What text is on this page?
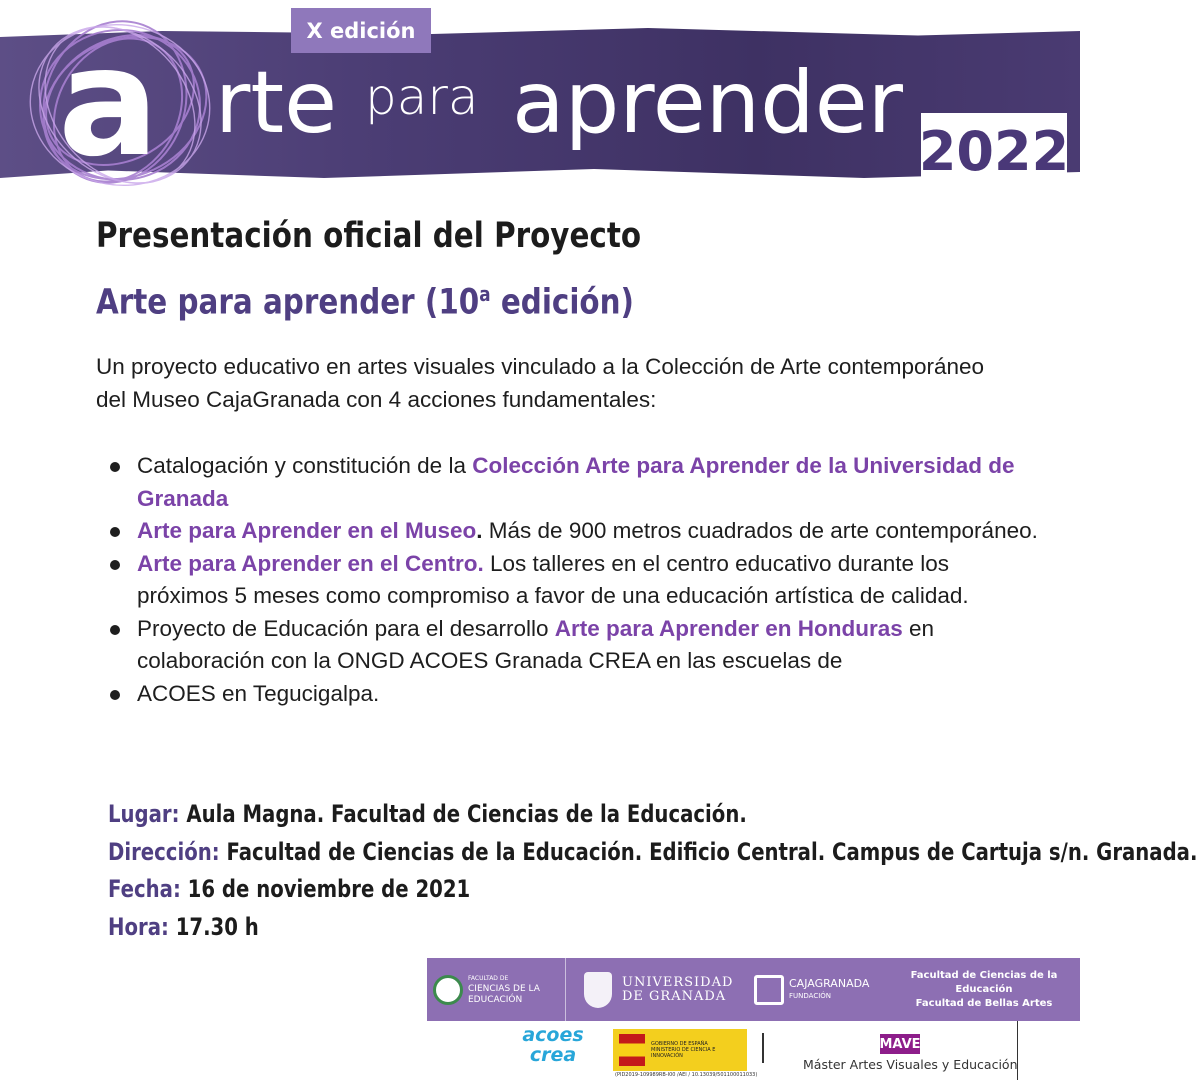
a	X edición
rte para aprender 2022
Presentación oficial del Proyecto
Arte para aprender (10$^a$ edición)

Un proyecto educativo en artes visuales vinculado a la Colección de Arte contemporáneo del Museo CajaGranada con 4 acciones fundamentales:

Catalogación y constitución de la Colección Arte para Aprender de la Universidad de Granada
Arte para Aprender en el Museo. Más de 900 metros cuadrados de arte contemporáneo.
Arte para Aprender en el Centro. Los talleres en el centro educativo durante los próximos 5 meses como compromiso a favor de una educación artística de calidad.
Proyecto de Educación para el desarrollo Arte para Aprender en Honduras en colaboración con la ONGD ACOES Granada CREA en las escuelas de
ACOES en Tegucigalpa.
Lugar: Aula Magna. Facultad de Ciencias de la Educación.
Dirección: Facultad de Ciencias de la Educación. Edificio Central. Campus de Cartuja s/n. Granada.
Fecha: 16 de noviembre de 2021
Hora: 17.30 h
FACULTAD DE
CIENCIAS DE LA
EDUCACIÓN
UNIVERSIDAD
DE GRANADA
CAJAGRANADA
FUNDACIÓN
Facultad de Ciencias de la Educación
Facultad de Bellas Artes
acoes
crea	GOBIERNO DE ESPAÑA
MINISTERIO DE CIENCIA E INNOVACIÓN
(PID2019-109989RB-I00 /AEI / 10.13039/501100011033)
MAVE
Máster Artes Visuales y Educación
